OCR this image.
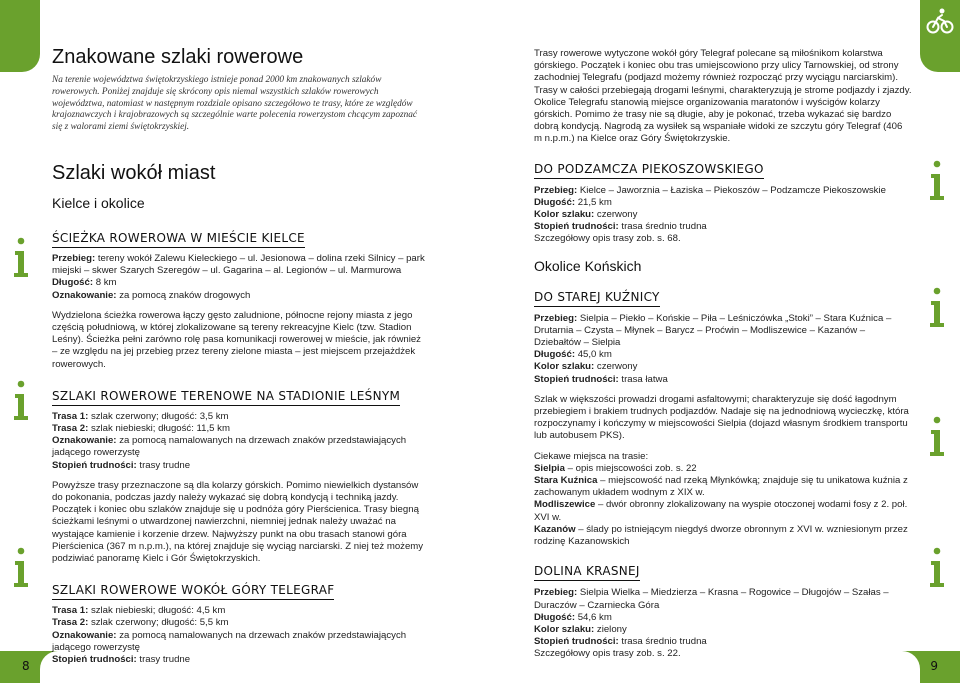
8	9
Znakowane szlaki rowerowe
Na terenie województwa świętokrzyskiego istnieje ponad 2000 km znakowanych szlaków rowerowych. Poniżej znajduje się skrócony opis niemal wszystkich szlaków rowerowych województwa, natomiast w następnym rozdziale opisano szczegółowo te trasy, które ze względów krajoznawczych i krajobrazowych są szczególnie warte polecenia rowerzystom chcącym zapoznać się z walorami ziemi świętokrzyskiej.
Szlaki wokół miast
Kielce i okolice
ŚCIEŻKA ROWEROWA W MIEŚCIE KIELCE
Przebieg: tereny wokół Zalewu Kieleckiego – ul. Jesionowa – dolina rzeki Silnicy – park miejski – skwer Szarych Szeregów – ul. Gagarina – al. Legionów – ul. Marmurowa
Długość: 8 km
Oznakowanie: za pomocą znaków drogowych
Wydzielona ścieżka rowerowa łączy gęsto zaludnione, północne rejony miasta z jego częścią południową, w której zlokalizowane są tereny rekreacyjne Kielc (tzw. Stadion Leśny). Ścieżka pełni zarówno rolę pasa komunikacji rowerowej w mieście, jak również – ze względu na jej przebieg przez tereny zielone miasta – jest miejscem przejażdżek rowerowych.
SZLAKI ROWEROWE TERENOWE NA STADIONIE LEŚNYM
Trasa 1: szlak czerwony; długość: 3,5 km
Trasa 2: szlak niebieski; długość: 11,5 km
Oznakowanie: za pomocą namalowanych na drzewach znaków przedstawiających jadącego rowerzystę
Stopień trudności: trasy trudne
Powyższe trasy przeznaczone są dla kolarzy górskich. Pomimo niewielkich dystansów do pokonania, podczas jazdy należy wykazać się dobrą kondycją i techniką jazdy. Początek i koniec obu szlaków znajduje się u podnóża góry Pierścienica. Trasy biegną ścieżkami leśnymi o utwardzonej nawierzchni, niemniej jednak należy uważać na wystające kamienie i korzenie drzew. Najwyższy punkt na obu trasach stanowi góra Pierścienica (367 m n.p.m.), na której znajduje się wyciąg narciarski. Z niej też możemy podziwiać panoramę Kielc i Gór Świętokrzyskich.
SZLAKI ROWEROWE WOKÓŁ GÓRY TELEGRAF
Trasa 1: szlak niebieski; długość: 4,5 km
Trasa 2: szlak czerwony; długość: 5,5 km
Oznakowanie: za pomocą namalowanych na drzewach znaków przedstawiających jadącego rowerzystę
Stopień trudności: trasy trudne
Trasy rowerowe wytyczone wokół góry Telegraf polecane są miłośnikom kolarstwa górskiego. Początek i koniec obu tras umiejscowiono przy ulicy Tarnowskiej, od strony zachodniej Telegrafu (podjazd możemy również rozpocząć przy wyciągu narciarskim). Trasy w całości przebiegają drogami leśnymi, charakteryzują je strome podjazdy i zjazdy. Okolice Telegrafu stanowią miejsce organizowania maratonów i wyścigów kolarzy górskich. Pomimo że trasy nie są długie, aby je pokonać, trzeba wykazać się bardzo dobrą kondycją. Nagrodą za wysiłek są wspaniałe widoki ze szczytu góry Telegraf (406 m n.p.m.) na Kielce oraz Góry Świętokrzyskie.
DO PODZAMCZA PIEKOSZOWSKIEGO
Przebieg: Kielce – Jaworznia – Łaziska – Piekoszów – Podzamcze Piekoszowskie
Długość: 21,5 km
Kolor szlaku: czerwony
Stopień trudności: trasa średnio trudna
Szczegółowy opis trasy zob. s. 68.
Okolice Końskich
DO STAREJ KUŹNICY
Przebieg: Sielpia – Piekło – Końskie – Piła – Leśniczówka „Stoki” – Stara Kuźnica – Drutarnia – Czysta – Młynek – Barycz – Proćwin – Modliszewice – Kazanów – Dziebałtów – Sielpia
Długość: 45,0 km
Kolor szlaku: czerwony
Stopień trudności: trasa łatwa
Szlak w większości prowadzi drogami asfaltowymi; charakteryzuje się dość łagodnym przebiegiem i brakiem trudnych podjazdów. Nadaje się na jednodniową wycieczkę, która rozpoczynamy i kończymy w miejscowości Sielpia (dojazd własnym środkiem transportu lub autobusem PKS).
Ciekawe miejsca na trasie:
Sielpia – opis miejscowości zob. s. 22
Stara Kuźnica – miejscowość nad rzeką Młynkówką; znajduje się tu unikatowa kuźnia z zachowanym układem wodnym z XIX w.
Modliszewice – dwór obronny zlokalizowany na wyspie otoczonej wodami fosy z 2. poł. XVI w.
Kazanów – ślady po istniejącym niegdyś dworze obronnym z XVI w. wzniesionym przez rodzinę Kazanowskich
DOLINA KRASNEJ
Przebieg: Sielpia Wielka – Miedzierza – Krasna – Rogowice – Długojów – Szałas – Duraczów – Czarniecka Góra
Długość: 54,6 km
Kolor szlaku: zielony
Stopień trudności: trasa średnio trudna
Szczegółowy opis trasy zob. s. 22.
